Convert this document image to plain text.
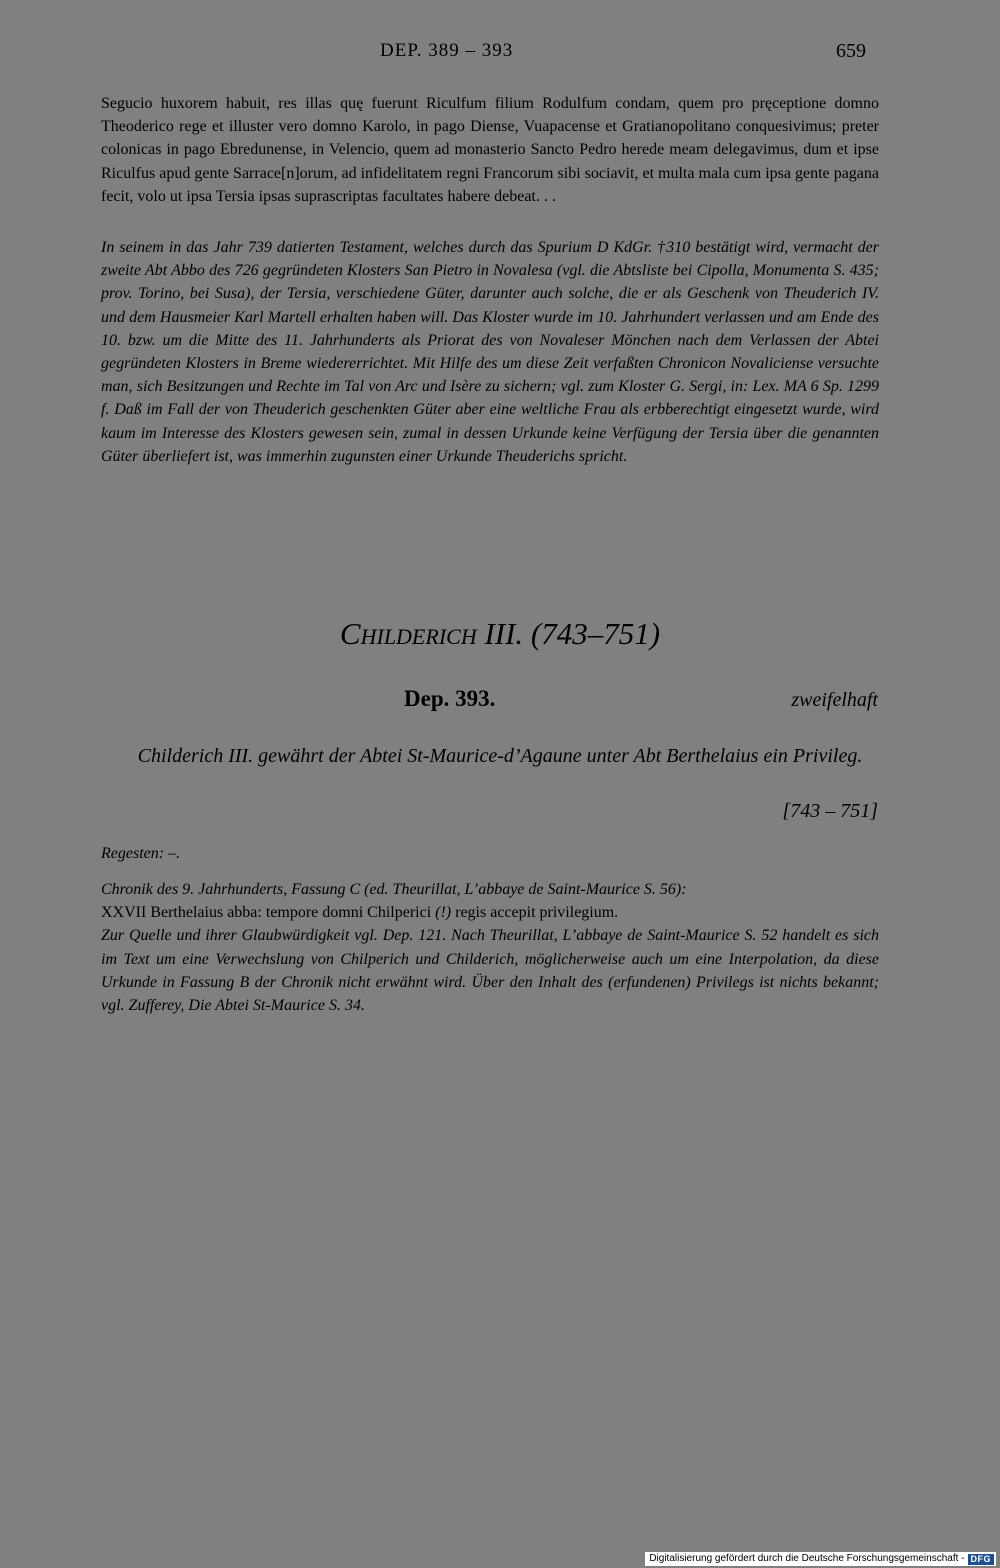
DEP. 389 – 393	659

Segucio huxorem habuit, res illas quę fuerunt Riculfum filium Rodulfum condam, quem pro pręceptione domno Theoderico rege et illuster vero domno Karolo, in pago Diense, Vuapacense et Gratianopolitano conquesivimus; preter colonicas in pago Ebredunense, in Velencio, quem ad monasterio Sancto Pedro herede meam delegavimus, dum et ipse Riculfus apud gente Sarrace[n]orum, ad infidelitatem regni Francorum sibi sociavit, et multa mala cum ipsa gente pagana fecit, volo ut ipsa Tersia ipsas suprascriptas facultates habere debeat. . .

In seinem in das Jahr 739 datierten Testament, welches durch das Spurium D KdGr. †310 bestätigt wird, vermacht der zweite Abt Abbo des 726 gegründeten Klosters San Pietro in Novalesa (vgl. die Abtsliste bei Cipolla, Monumenta S. 435; prov. Torino, bei Susa), der Tersia, verschiedene Güter, darunter auch solche, die er als Geschenk von Theuderich IV. und dem Hausmeier Karl Martell erhalten haben will. Das Kloster wurde im 10. Jahrhundert verlassen und am Ende des 10. bzw. um die Mitte des 11. Jahrhunderts als Priorat des von Novaleser Mönchen nach dem Verlassen der Abtei gegründeten Klosters in Breme wiedererrichtet. Mit Hilfe des um diese Zeit verfaßten Chronicon Novaliciense versuchte man, sich Besitzungen und Rechte im Tal von Arc und Isère zu sichern; vgl. zum Kloster G. Sergi, in: Lex. MA 6 Sp. 1299 f. Daß im Fall der von Theuderich geschenkten Güter aber eine weltliche Frau als erbberechtigt eingesetzt wurde, wird kaum im Interesse des Klosters gewesen sein, zumal in dessen Urkunde keine Verfügung der Tersia über die genannten Güter überliefert ist, was immerhin zugunsten einer Urkunde Theuderichs spricht.

Childerich III. (743–751)
Dep. 393.	zweifelhaft
Childerich III. gewährt der Abtei St-Maurice-d’Agaune unter Abt Berthelaius ein Privileg.
[743 – 751]

Regesten: –.

Chronik des 9. Jahrhunderts, Fassung C (ed. Theurillat, L’abbaye de Saint-Maurice S. 56):
XXVII Berthelaius abba: tempore domni Chilperici (!) regis accepit privilegium.
Zur Quelle und ihrer Glaubwürdigkeit vgl. Dep. 121. Nach Theurillat, L’abbaye de Saint-Maurice S. 52 handelt es sich im Text um eine Verwechslung von Chilperich und Childerich, möglicherweise auch um eine Interpolation, da diese Urkunde in Fassung B der Chronik nicht erwähnt wird. Über den Inhalt des (erfundenen) Privilegs ist nichts bekannt; vgl. Zufferey, Die Abtei St-Maurice S. 34.
Digitalisierung gefördert durch die Deutsche Forschungsgemeinschaft - DFG
